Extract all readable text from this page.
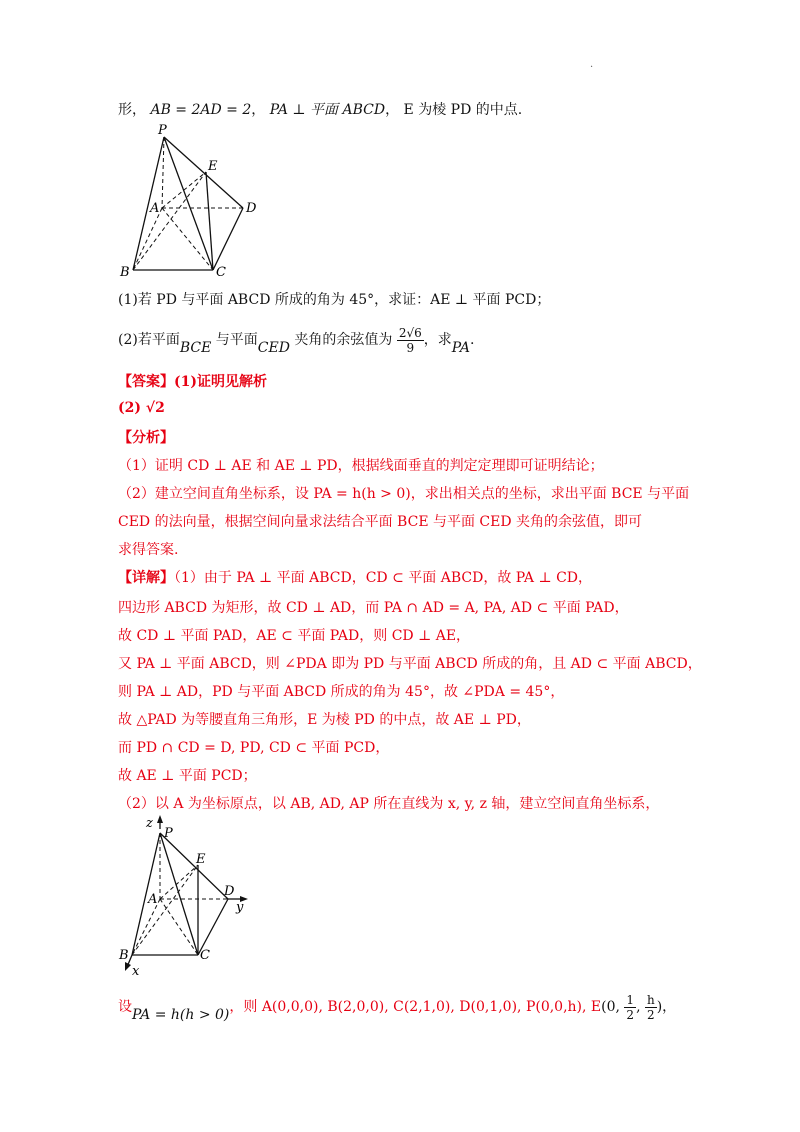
·
形， AB = 2AD = 2， PA ⊥ 平面 ABCD， E 为棱 PD 的中点.
P
E
A	D
B	C
(1)若 PD 与平面 ABCD 所成的角为 45°，求证：AE ⊥ 平面 PCD；
(2)若平面BCE 与平面CED 夹角的余弦值为 $\frac{2√6}{9}$ ，求PA.
【答案】(1)证明见解析
(2) √2
【分析】
（1）证明 CD ⊥ AE 和 AE ⊥ PD，根据线面垂直的判定定理即可证明结论；
（2）建立空间直角坐标系，设 PA = h(h > 0)，求出相关点的坐标，求出平面 BCE 与平面
CED 的法向量，根据空间向量求法结合平面 BCE 与平面 CED 夹角的余弦值，即可
求得答案.
【详解】（1）由于 PA ⊥ 平面 ABCD，CD ⊂ 平面 ABCD，故 PA ⊥ CD，
四边形 ABCD 为矩形，故 CD ⊥ AD，而 PA ∩ AD = A, PA, AD ⊂ 平面 PAD，
故 CD ⊥ 平面 PAD，AE ⊂ 平面 PAD，则 CD ⊥ AE，
又 PA ⊥ 平面 ABCD，则 ∠PDA 即为 PD 与平面 ABCD 所成的角，且 AD ⊂ 平面 ABCD，
则 PA ⊥ AD，PD 与平面 ABCD 所成的角为 45°，故 ∠PDA = 45°，
故 △PAD 为等腰直角三角形，E 为棱 PD 的中点，故 AE ⊥ PD，
而 PD ∩ CD = D, PD, CD ⊂ 平面 PCD，
故 AE ⊥ 平面 PCD；
（2）以 A 为坐标原点，以 AB, AD, AP 所在直线为 x, y, z 轴，建立空间直角坐标系，
z
P
E
A
D
y
B	C
x
设PA = h(h > 0)，则 A(0,0,0), B(2,0,0), C(2,1,0), D(0,1,0), P(0,0,h), E(0, $\frac{1}{2}$ , $\frac{h}{2}$ )，
